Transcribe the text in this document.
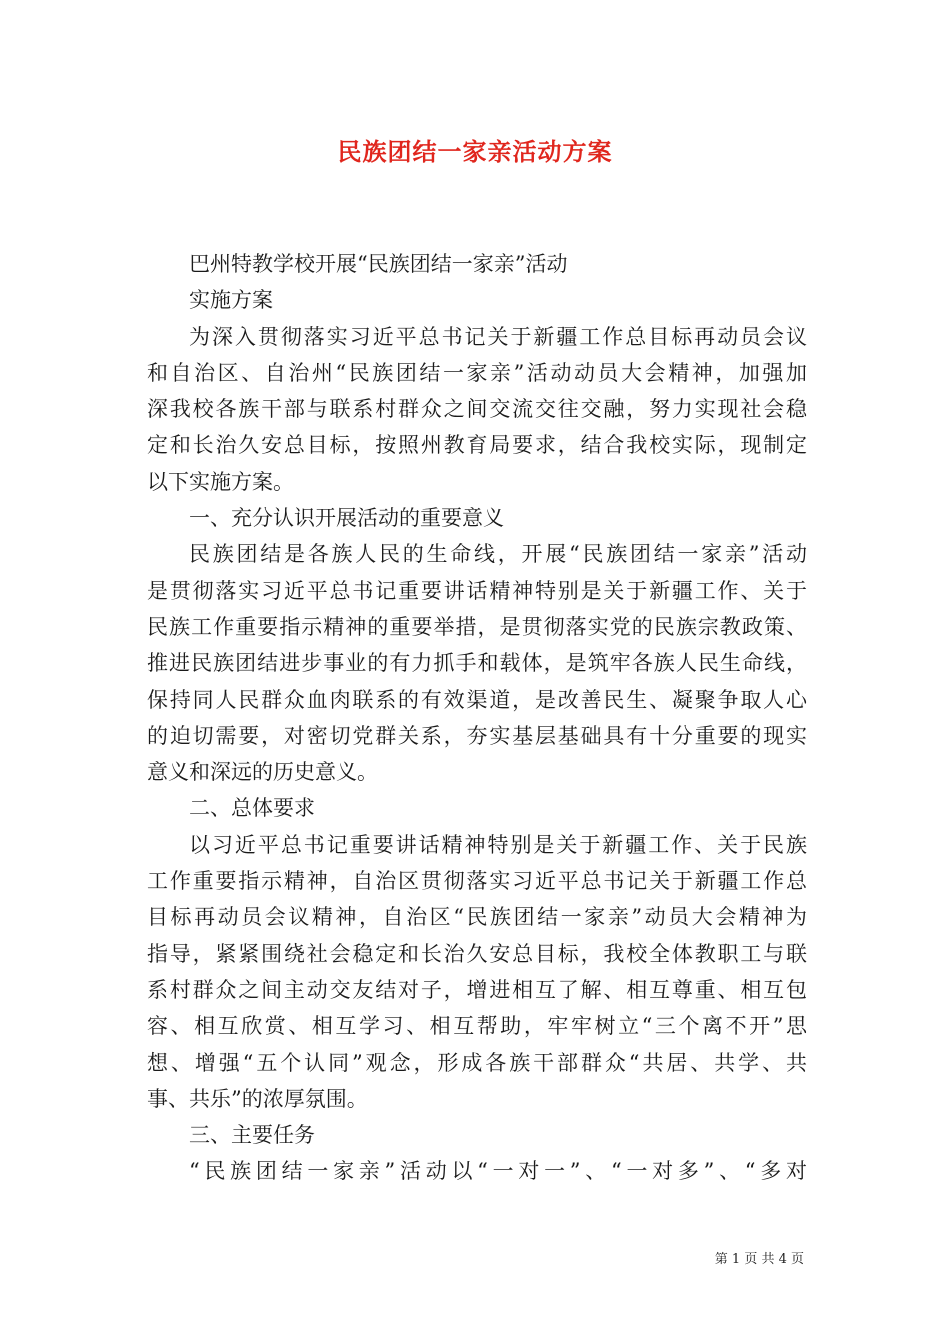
民族团结一家亲活动方案
巴州特教学校开展“民族团结一家亲”活动
实施方案
为深入贯彻落实习近平总书记关于新疆工作总目标再动员会议
和自治区、自治州“民族团结一家亲”活动动员大会精神，加强加
深我校各族干部与联系村群众之间交流交往交融，努力实现社会稳
定和长治久安总目标，按照州教育局要求，结合我校实际，现制定
以下实施方案。
一、充分认识开展活动的重要意义
民族团结是各族人民的生命线，开展“民族团结一家亲”活动
是贯彻落实习近平总书记重要讲话精神特别是关于新疆工作、关于
民族工作重要指示精神的重要举措，是贯彻落实党的民族宗教政策、
推进民族团结进步事业的有力抓手和载体，是筑牢各族人民生命线，
保持同人民群众血肉联系的有效渠道，是改善民生、凝聚争取人心
的迫切需要，对密切党群关系，夯实基层基础具有十分重要的现实
意义和深远的历史意义。
二、总体要求
以习近平总书记重要讲话精神特别是关于新疆工作、关于民族
工作重要指示精神，自治区贯彻落实习近平总书记关于新疆工作总
目标再动员会议精神，自治区“民族团结一家亲”动员大会精神为
指导，紧紧围绕社会稳定和长治久安总目标，我校全体教职工与联
系村群众之间主动交友结对子，增进相互了解、相互尊重、相互包
容、相互欣赏、相互学习、相互帮助，牢牢树立“三个离不开”思
想、增强“五个认同”观念，形成各族干部群众“共居、共学、共
事、共乐”的浓厚氛围。
三、主要任务
“民族团结一家亲”活动以“一对一”、“一对多”、“多对
第 1 页 共 4 页
